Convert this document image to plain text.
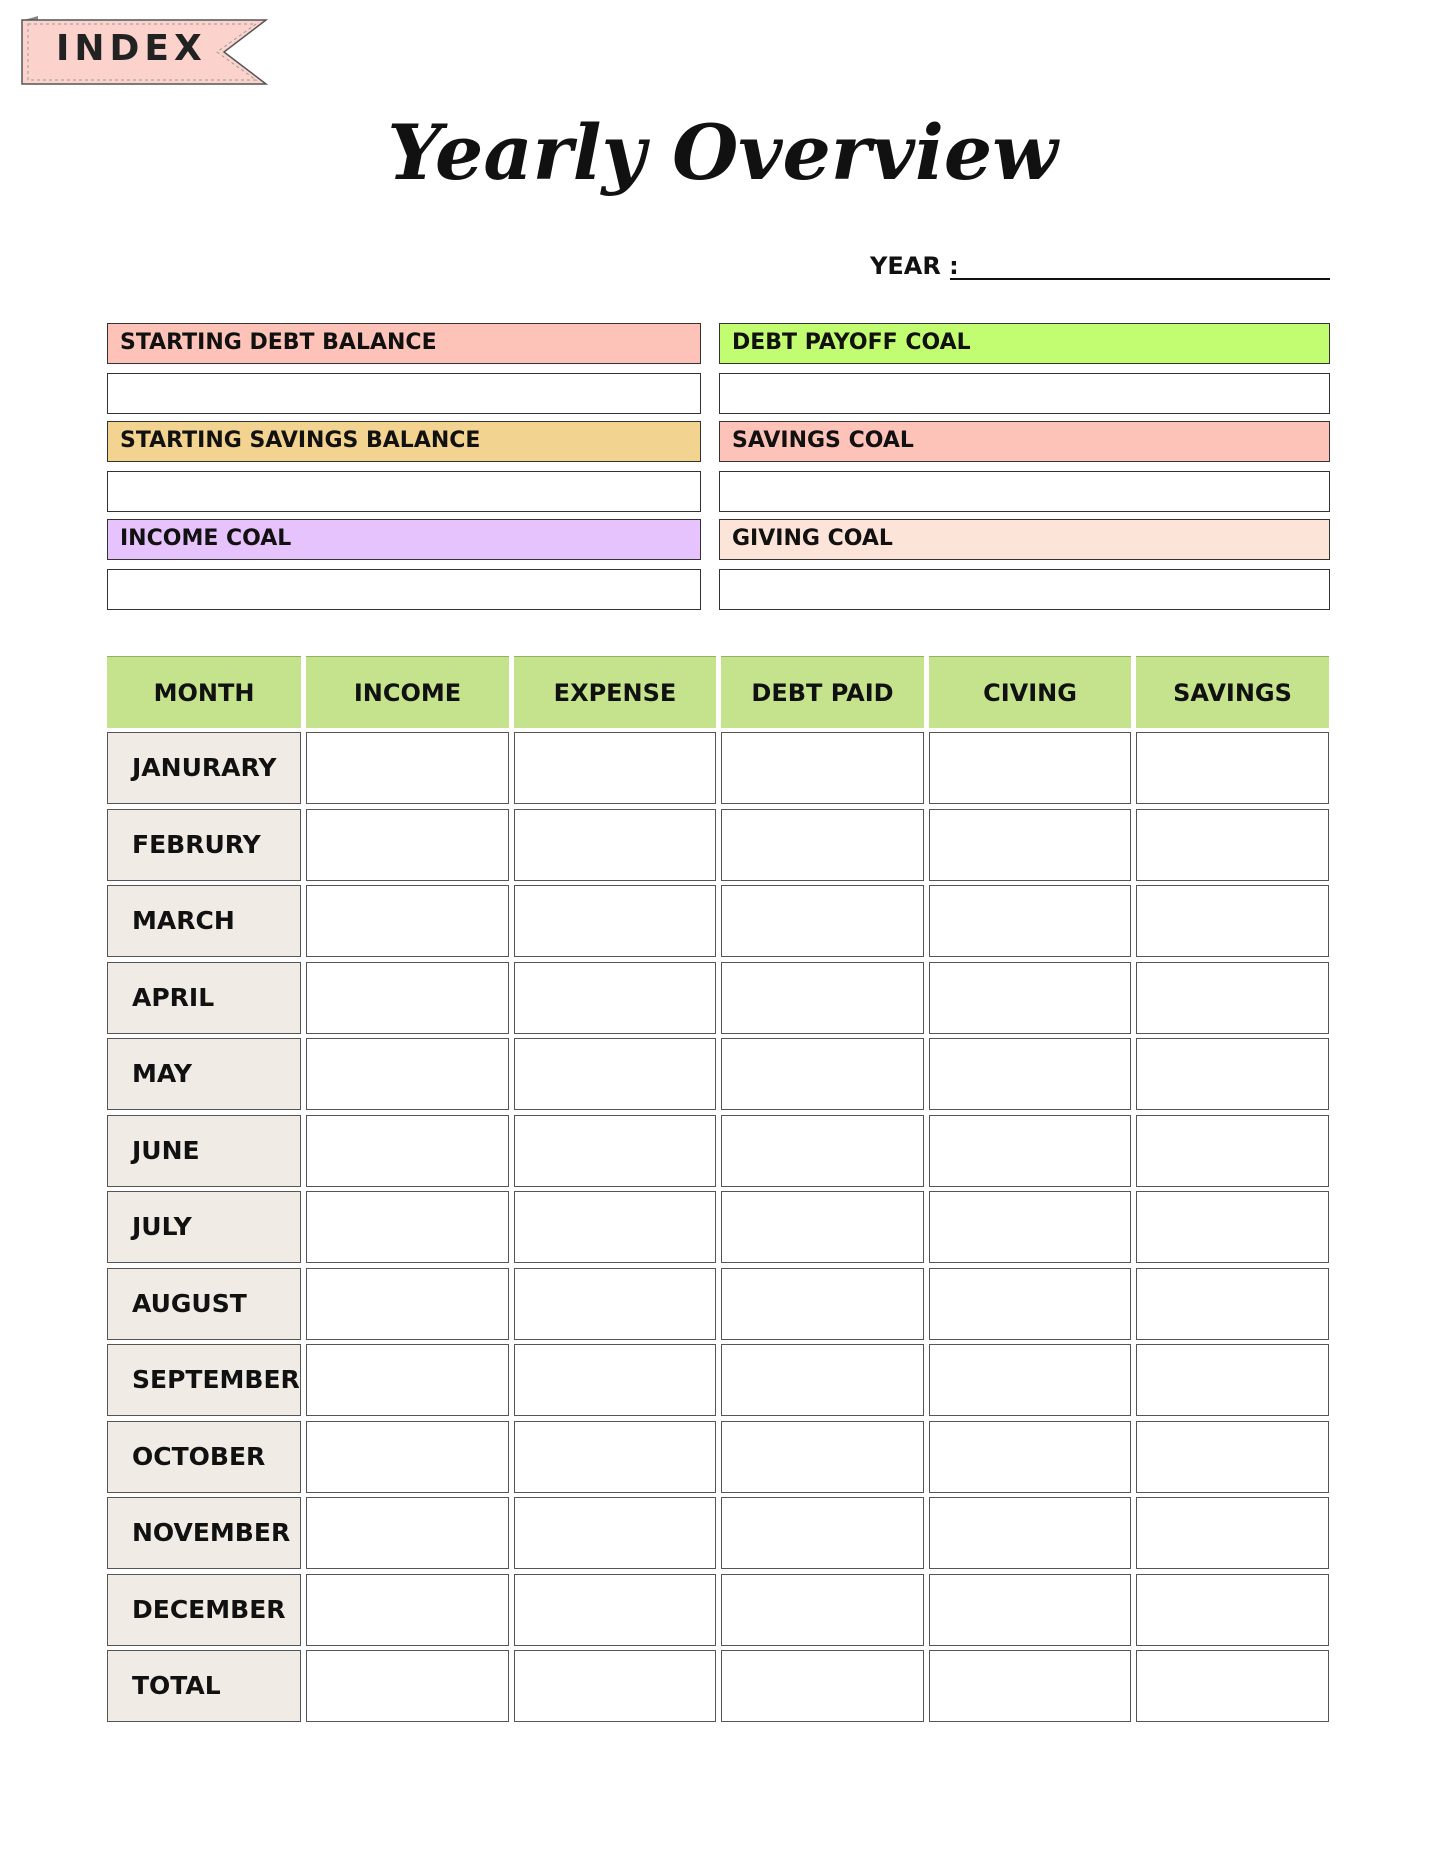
INDEX
Yearly Overview
YEAR :
STARTING DEBT BALANCE	DEBT PAYOFF COAL
STARTING SAVINGS BALANCE	SAVINGS COAL
INCOME COAL	GIVING COAL
MONTH	INCOME	EXPENSE	DEBT PAID	CIVING	SAVINGS
JANURARY
FEBRURY
MARCH
APRIL
MAY
JUNE
JULY
AUGUST
SEPTEMBER
OCTOBER
NOVEMBER
DECEMBER
TOTAL
